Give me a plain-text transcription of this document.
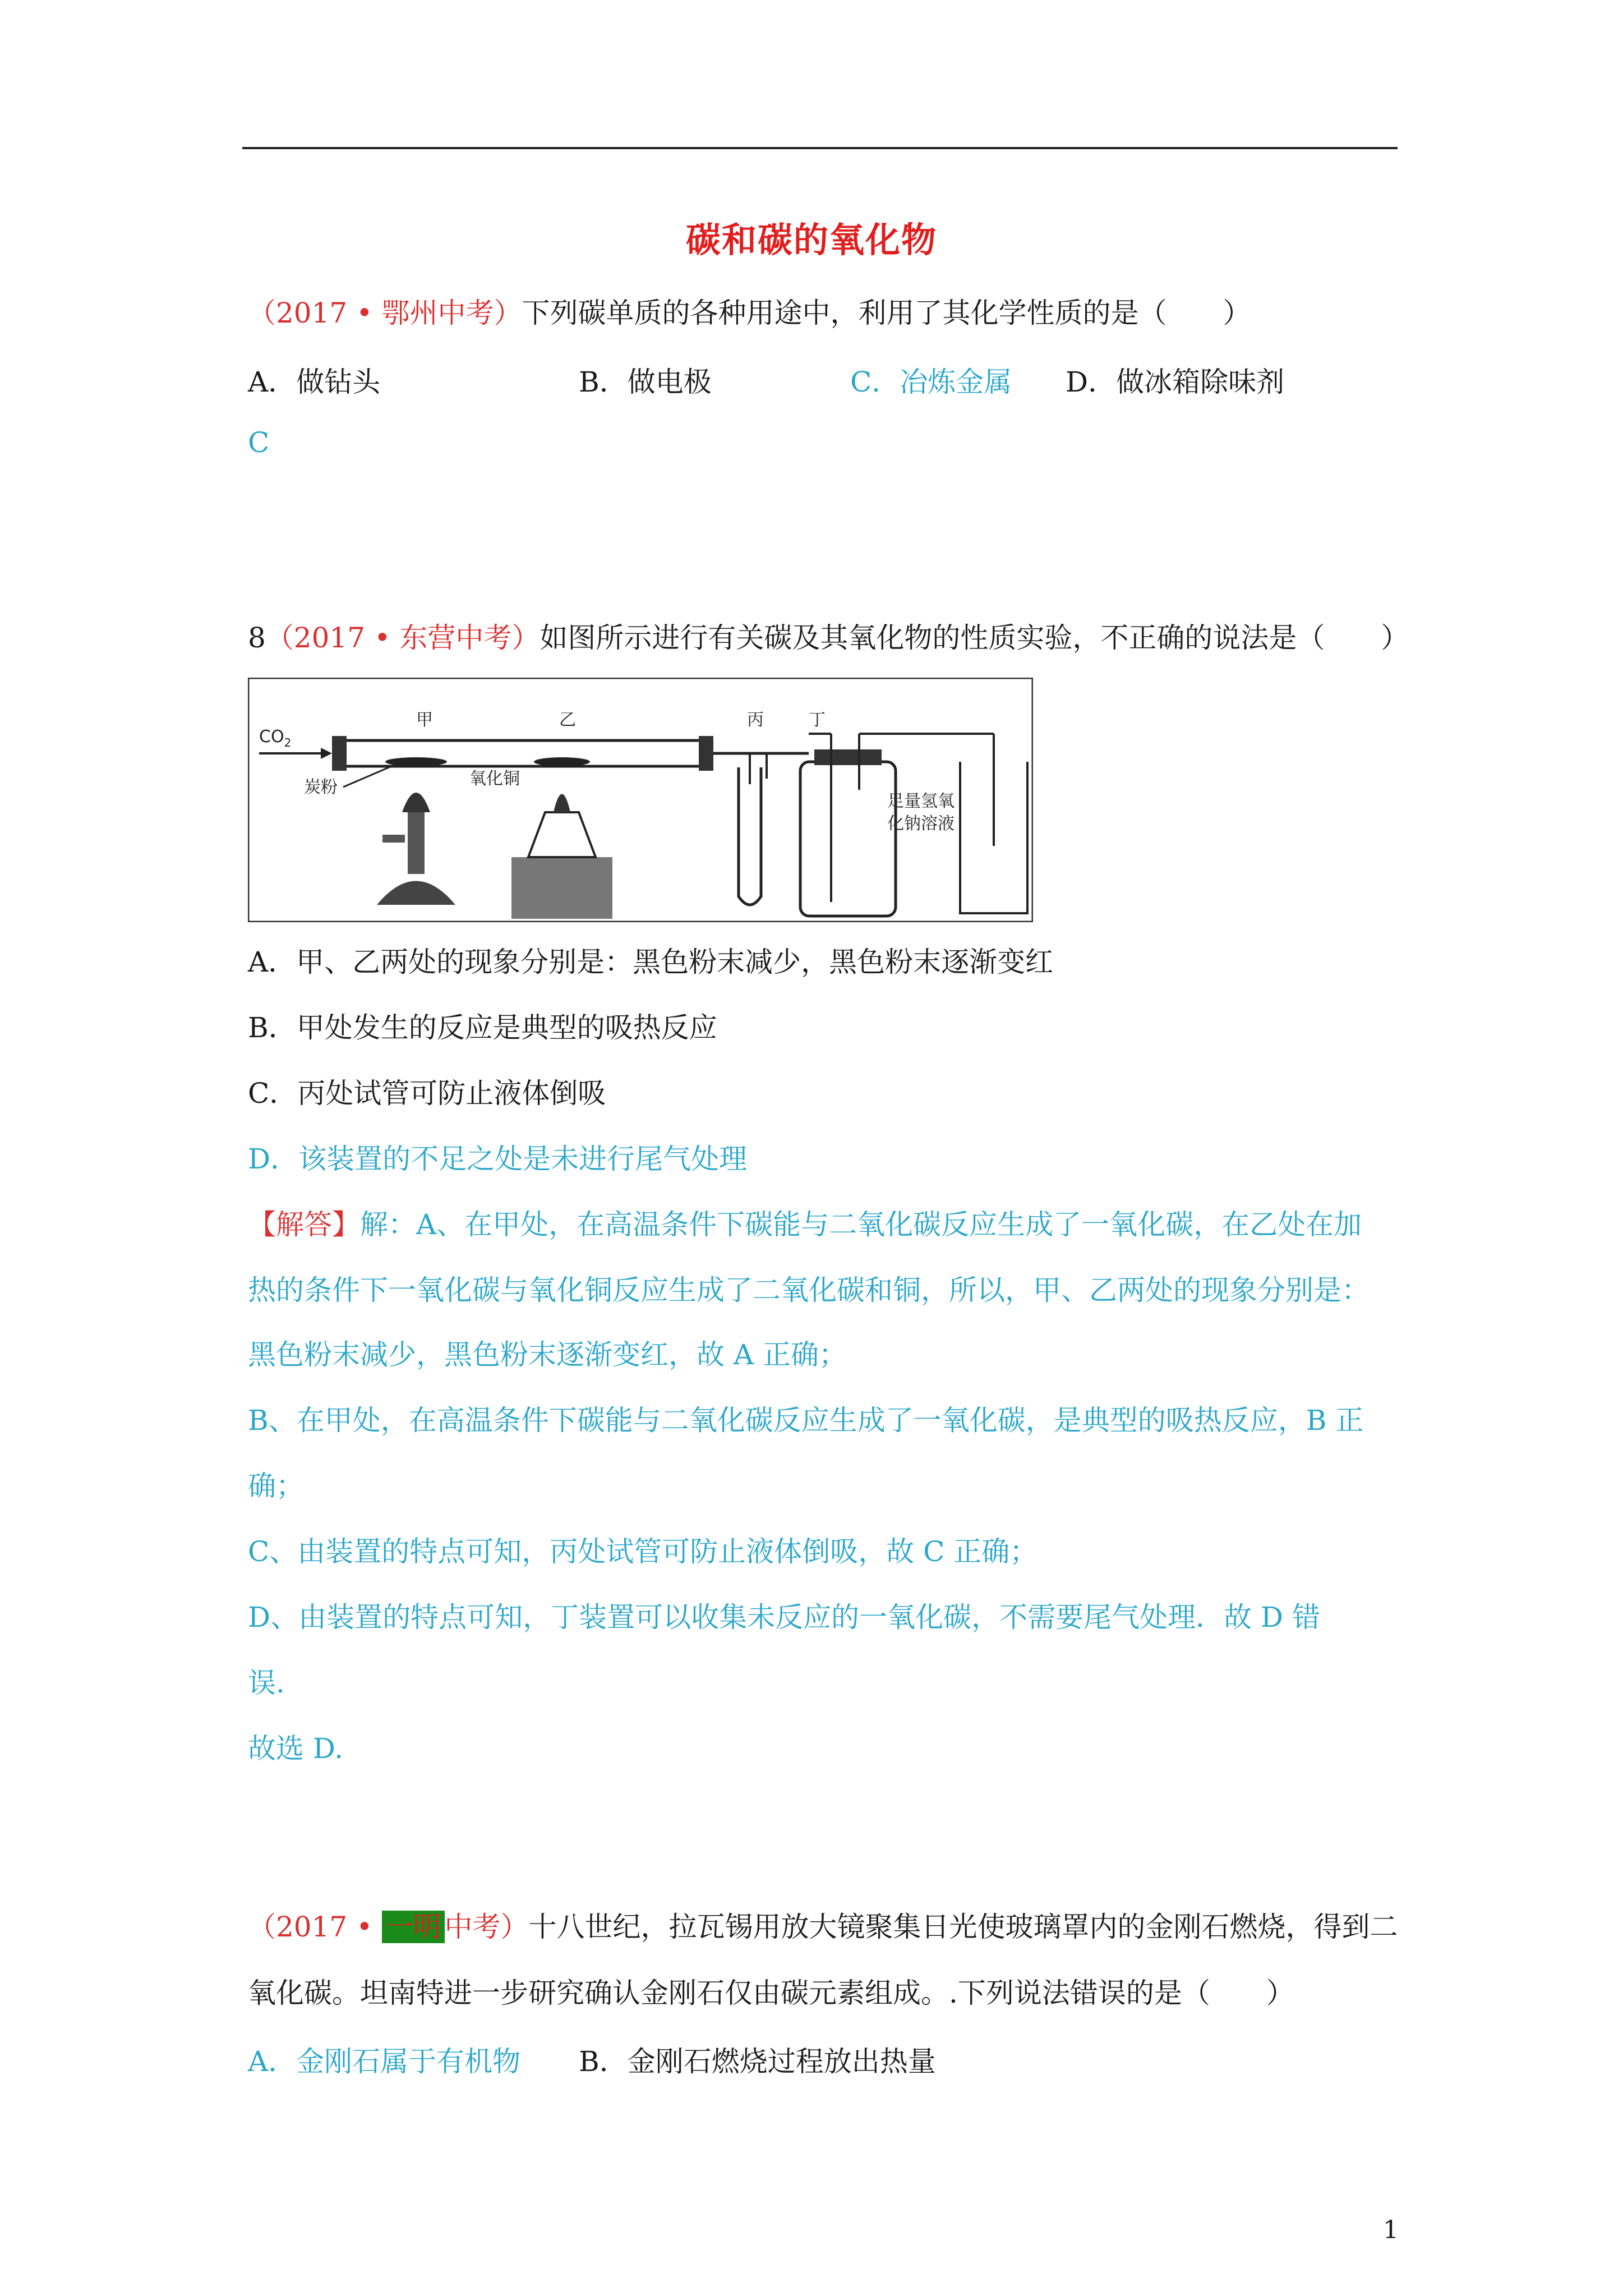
碳和碳的氧化物
（2017 • 鄂州中考）下列碳单质的各种用途中，利用了其化学性质的是（　　）
A．做钻头	B．做电极	C．冶炼金属 D．做冰箱除味剂
C
8（2017 • 东营中考）如图所示进行有关碳及其氧化物的性质实验，不正确的说法是（　　）
$CO_2$
甲	乙
炭粉	氧化铜
丙	丁
足量氢氧
化钠溶液
A．甲、乙两处的现象分别是：黑色粉末减少，黑色粉末逐渐变红
B．甲处发生的反应是典型的吸热反应
C．丙处试管可防止液体倒吸
D．该装置的不足之处是未进行尾气处理
【解答】解：A、在甲处，在高温条件下碳能与二氧化碳反应生成了一氧化碳，在乙处在加
热的条件下一氧化碳与氧化铜反应生成了二氧化碳和铜，所以，甲、乙两处的现象分别是：
黑色粉末减少，黑色粉末逐渐变红，故 A 正确；
B、在甲处，在高温条件下碳能与二氧化碳反应生成了一氧化碳，是典型的吸热反应，B 正
确；
C、由装置的特点可知，丙处试管可防止液体倒吸，故 C 正确；
D、由装置的特点可知，丁装置可以收集未反应的一氧化碳，不需要尾气处理．故 D 错
误.
故选 D.
（2017 • 一明 中考）十八世纪，拉瓦锡用放大镜聚集日光使玻璃罩内的金刚石燃烧，得到二
氧化碳。坦南特进一步研究确认金刚石仅由碳元素组成。.下列说法错误的是（　　）
A．金刚石属于有机物 B．金刚石燃烧过程放出热量
1
